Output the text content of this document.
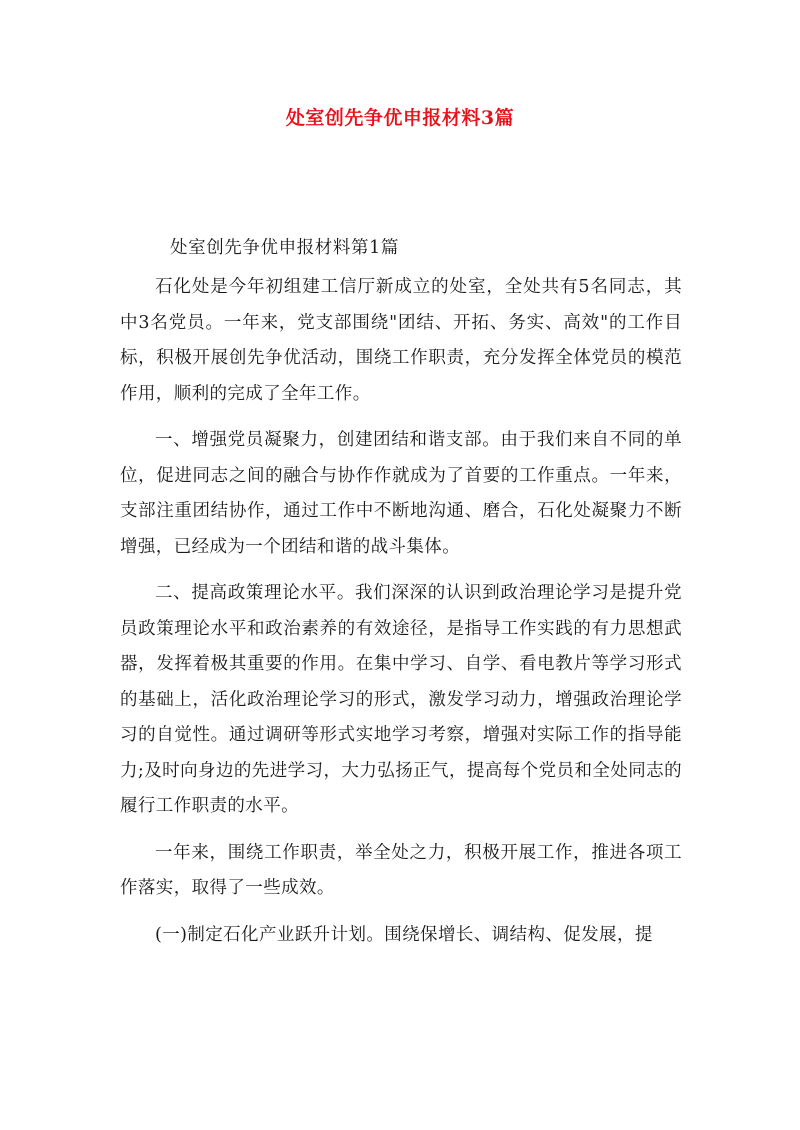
处室创先争优申报材料3篇
处室创先争优申报材料第1篇

石化处是今年初组建工信厅新成立的处室，全处共有5名同志，其中3名党员。一年来，党支部围绕"团结、开拓、务实、高效"的工作目标，积极开展创先争优活动，围绕工作职责，充分发挥全体党员的模范作用，顺利的完成了全年工作。

一、增强党员凝聚力，创建团结和谐支部。由于我们来自不同的单位，促进同志之间的融合与协作作就成为了首要的工作重点。一年来，支部注重团结协作，通过工作中不断地沟通、磨合，石化处凝聚力不断增强，已经成为一个团结和谐的战斗集体。

二、提高政策理论水平。我们深深的认识到政治理论学习是提升党员政策理论水平和政治素养的有效途径，是指导工作实践的有力思想武器，发挥着极其重要的作用。在集中学习、自学、看电教片等学习形式的基础上，活化政治理论学习的形式，激发学习动力，增强政治理论学习的自觉性。通过调研等形式实地学习考察，增强对实际工作的指导能力;及时向身边的先进学习，大力弘扬正气，提高每个党员和全处同志的履行工作职责的水平。

一年来，围绕工作职责，举全处之力，积极开展工作，推进各项工作落实，取得了一些成效。

(一)制定石化产业跃升计划。围绕保增长、调结构、促发展，提
